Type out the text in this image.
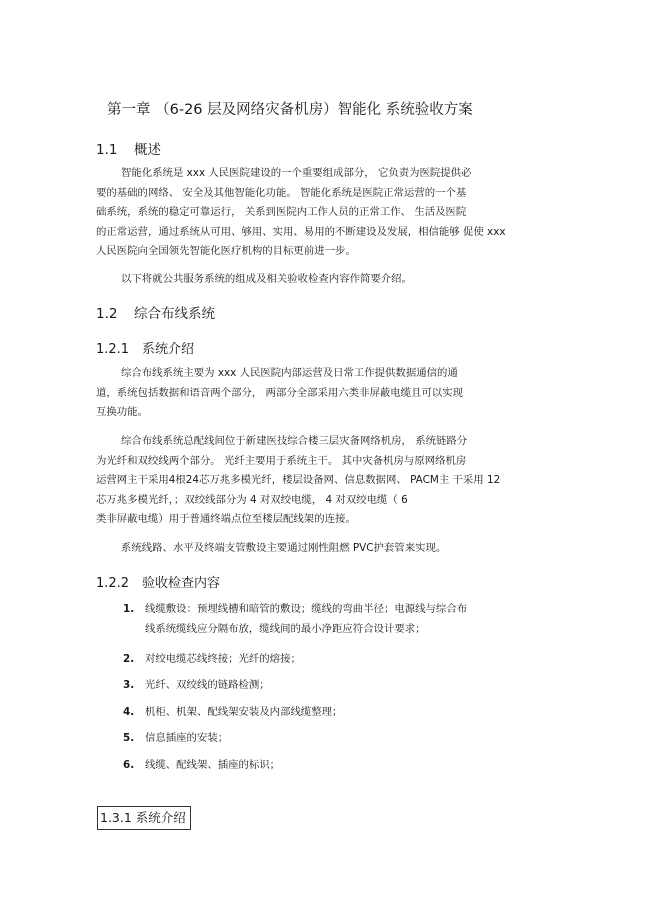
第一章 （6-26 层及网络灾备机房）智能化 系统验收方案
1.1 概述
智能化系统是 xxx 人民医院建设的一个重要组成部分， 它负责为医院提供必
要的基础的网络、 安全及其他智能化功能。 智能化系统是医院正常运营的一个基
础系统，系统的稳定可靠运行， 关系到医院内工作人员的正常工作、 生活及医院
的正常运营，通过系统从可用、够用、实用、易用的不断建设及发展，相信能够 促使 xxx
人民医院向全国领先智能化医疗机构的目标更前进一步。
以下将就公共服务系统的组成及相关验收检查内容作简要介绍。
1.2 综合布线系统
1.2.1 系统介绍
综合布线系统主要为 xxx 人民医院内部运营及日常工作提供数据通信的通
道，系统包括数据和语音两个部分， 两部分全部采用六类非屏蔽电缆且可以实现
互换功能。
综合布线系统总配线间位于新建医技综合楼三层灾备网络机房， 系统链路分
为光纤和双绞线两个部分。 光纤主要用于系统主干。 其中灾备机房与原网络机房
运营网主干采用4根24芯万兆多模光纤，楼层设备网、信息数据网、 PACM主 干采用 12
芯万兆多模光纤，；双绞线部分为 4 对双绞电缆， 4 对双绞电缆（ 6
类非屏蔽电缆）用于普通终端点位至楼层配线架的连接。
系统线路、水平及终端支管敷设主要通过刚性阻燃 PVC护套管来实现。
1.2.2 验收检查内容
1. 线缆敷设：预埋线槽和暗管的敷设；缆线的弯曲半径；电源线与综合布
线系统缆线应分隔布放，缆线间的最小净距应符合设计要求；
2. 对绞电缆芯线终接；光纤的熔接；
3. 光纤、双绞线的链路检测；
4. 机柜、机架、配线架安装及内部线缆整理；
5. 信息插座的安装；
6. 线缆、配线架、插座的标识；
1.3.1 系统介绍
